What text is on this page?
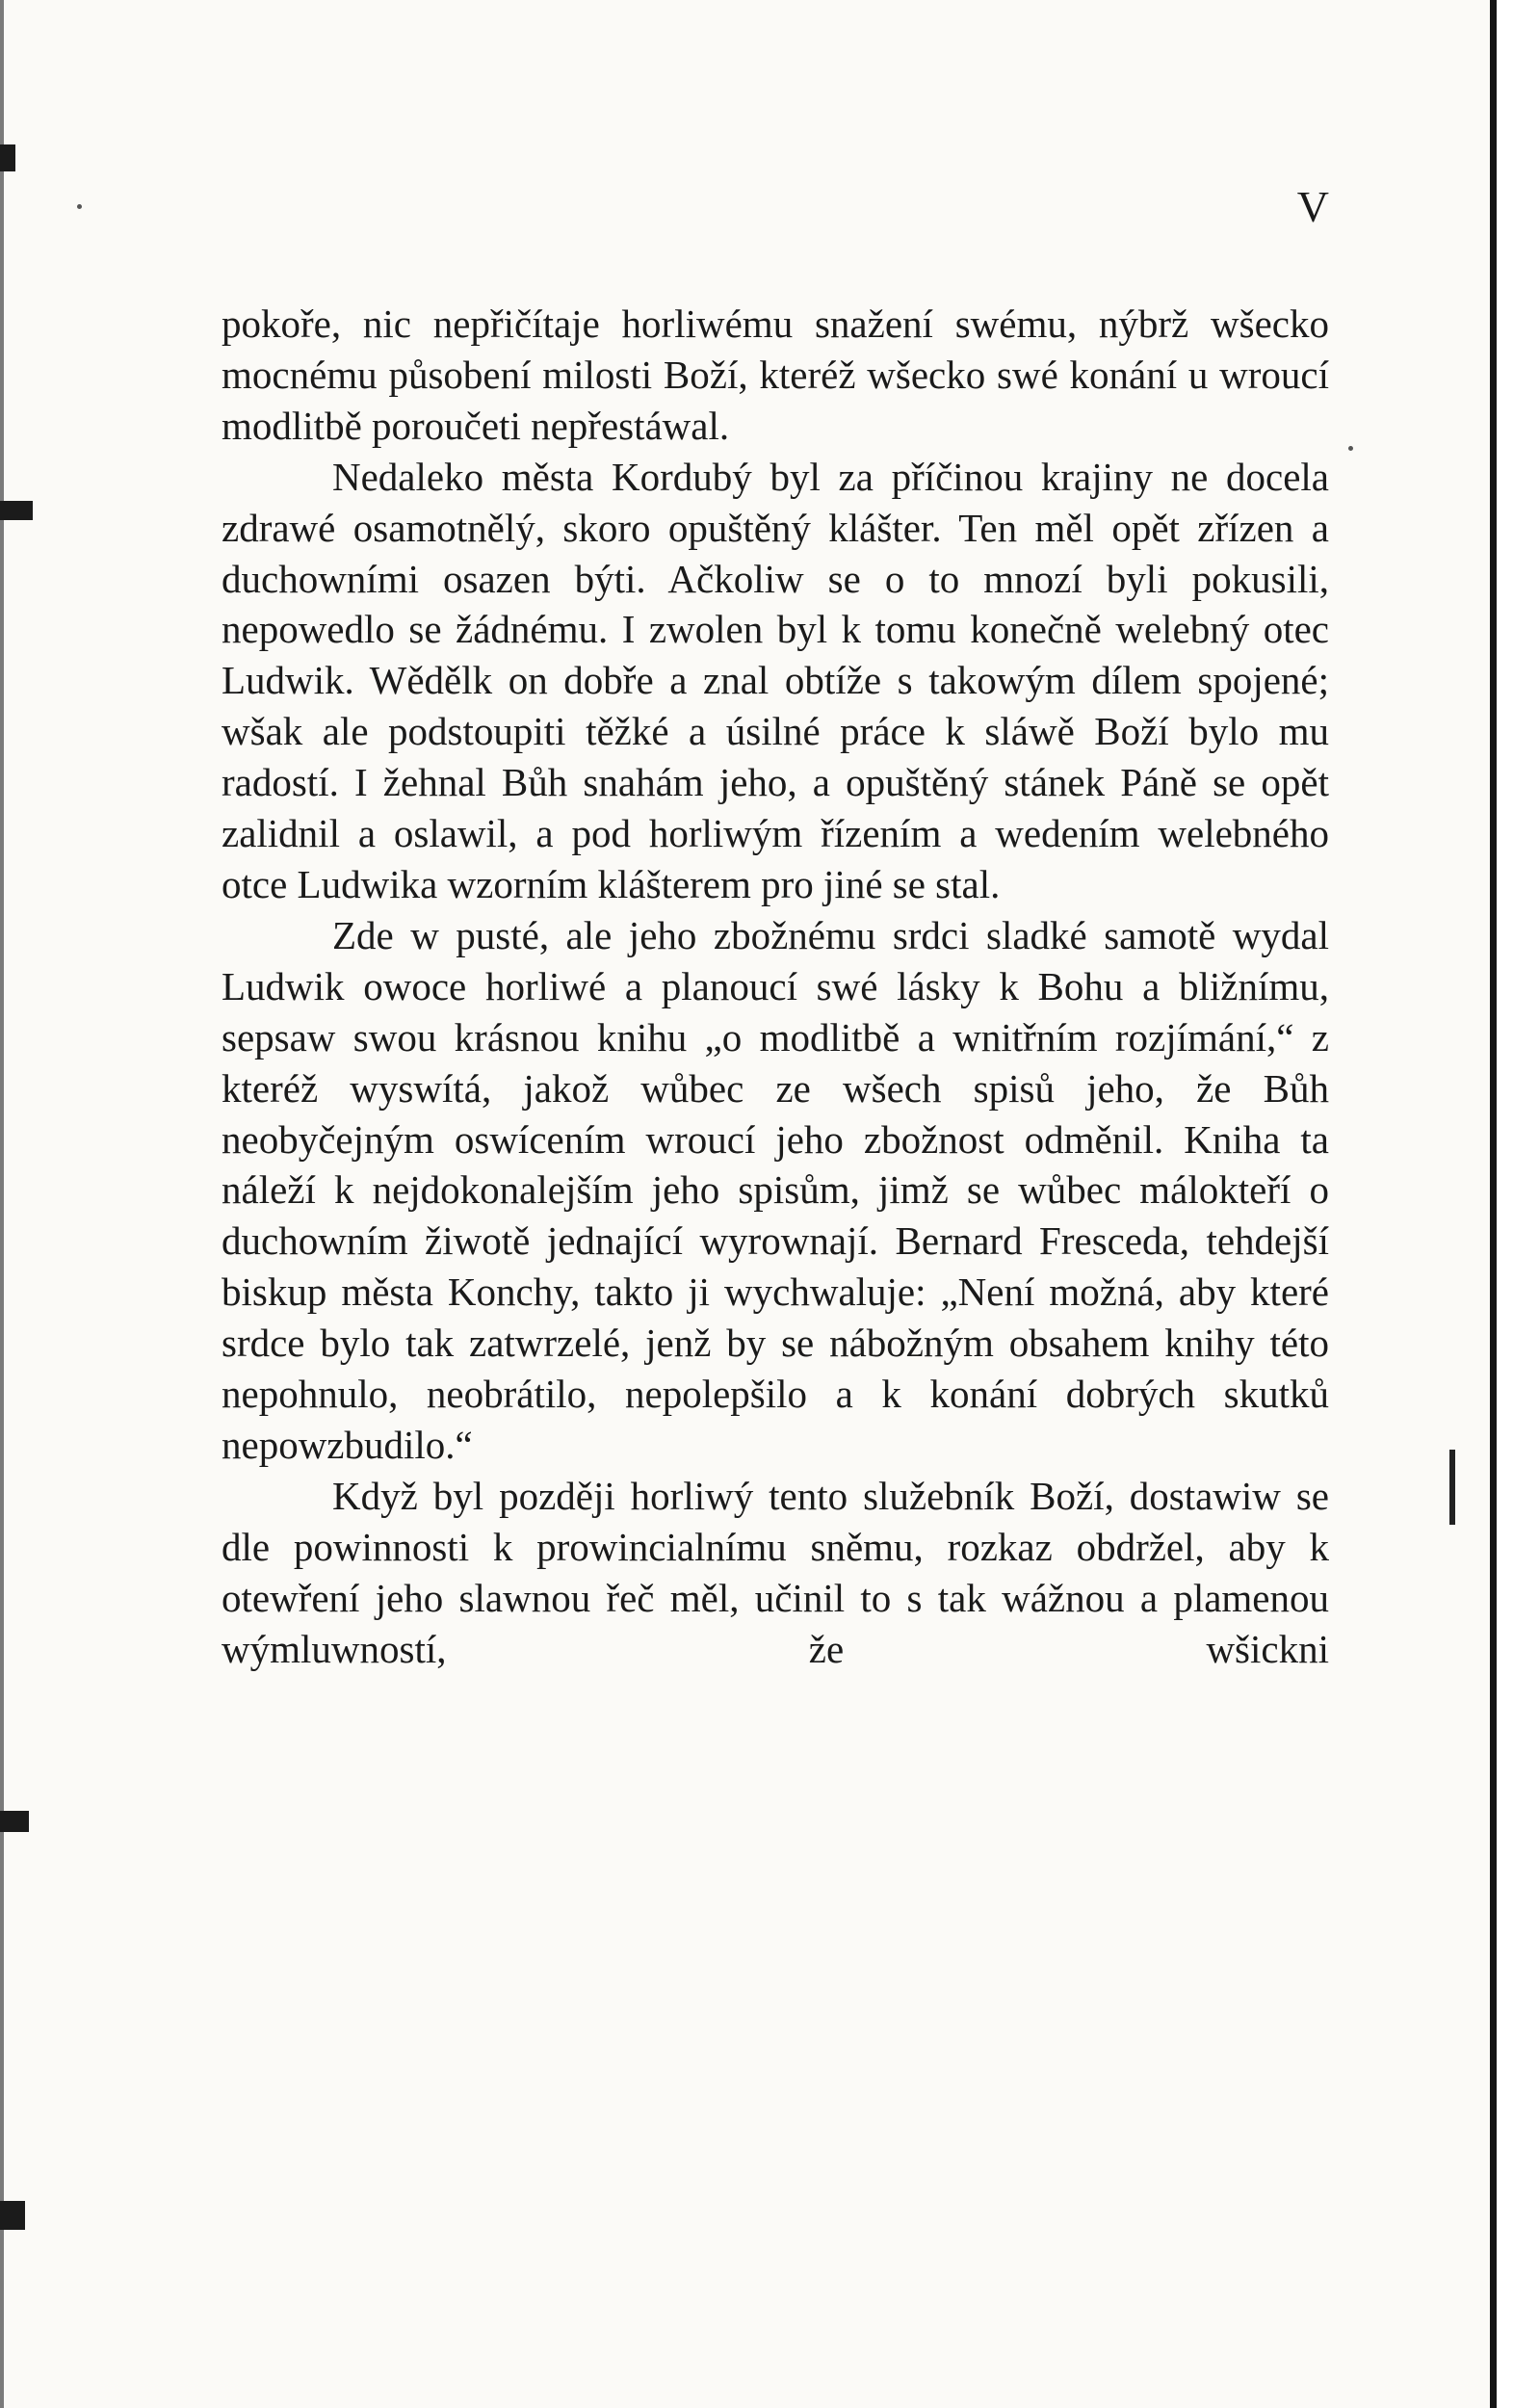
V

pokoře, nic nepřičítaje horliwému snažení swému, nýbrž wšecko mocnému působení milosti Boží, kteréž wšecko swé konání u wroucí modlitbě poroučeti nepřestáwal.

Nedaleko města Kordubý byl za příčinou krajiny ne docela zdrawé osamotnělý, skoro opuštěný klášter. Ten měl opět zřízen a duchowními osazen býti. Ačkoliw se o to mnozí byli pokusili, nepowedlo se žádnému. I zwolen byl k tomu konečně welebný otec Ludwik. Wědělk on dobře a znal obtíže s takowým dílem spojené; wšak ale podstoupiti těžké a úsilné práce k sláwě Boží bylo mu radostí. I žehnal Bůh snahám jeho, a opuštěný stánek Páně se opět zalidnil a oslawil, a pod horliwým řízením a wedením welebného otce Ludwika wzorním klášterem pro jiné se stal.

Zde w pusté, ale jeho zbožnému srdci sladké samotě wydal Ludwik owoce horliwé a planoucí swé lásky k Bohu a bližnímu, sepsaw swou krásnou knihu „o modlitbě a wnitřním rozjímání,“ z kteréž wyswítá, jakož wůbec ze wšech spisů jeho, že Bůh neobyčejným oswícením wroucí jeho zbožnost odměnil. Kniha ta náleží k nejdokonalejším jeho spisům, jimž se wůbec málokteří o duchowním žiwotě jednající wyrownají. Bernard Fresceda, tehdejší biskup města Konchy, takto ji wychwaluje: „Není možná, aby které srdce bylo tak zatwrzelé, jenž by se nábožným obsahem knihy této nepohnulo, neobrátilo, nepolepšilo a k konání dobrých skutků nepowzbudilo.“

Když byl později horliwý tento služebník Boží, dostawiw se dle powinnosti k prowincialnímu sněmu, rozkaz obdržel, aby k otewření jeho slawnou řeč měl, učinil to s tak wážnou a plamenou wýmluwností, že wšickni
